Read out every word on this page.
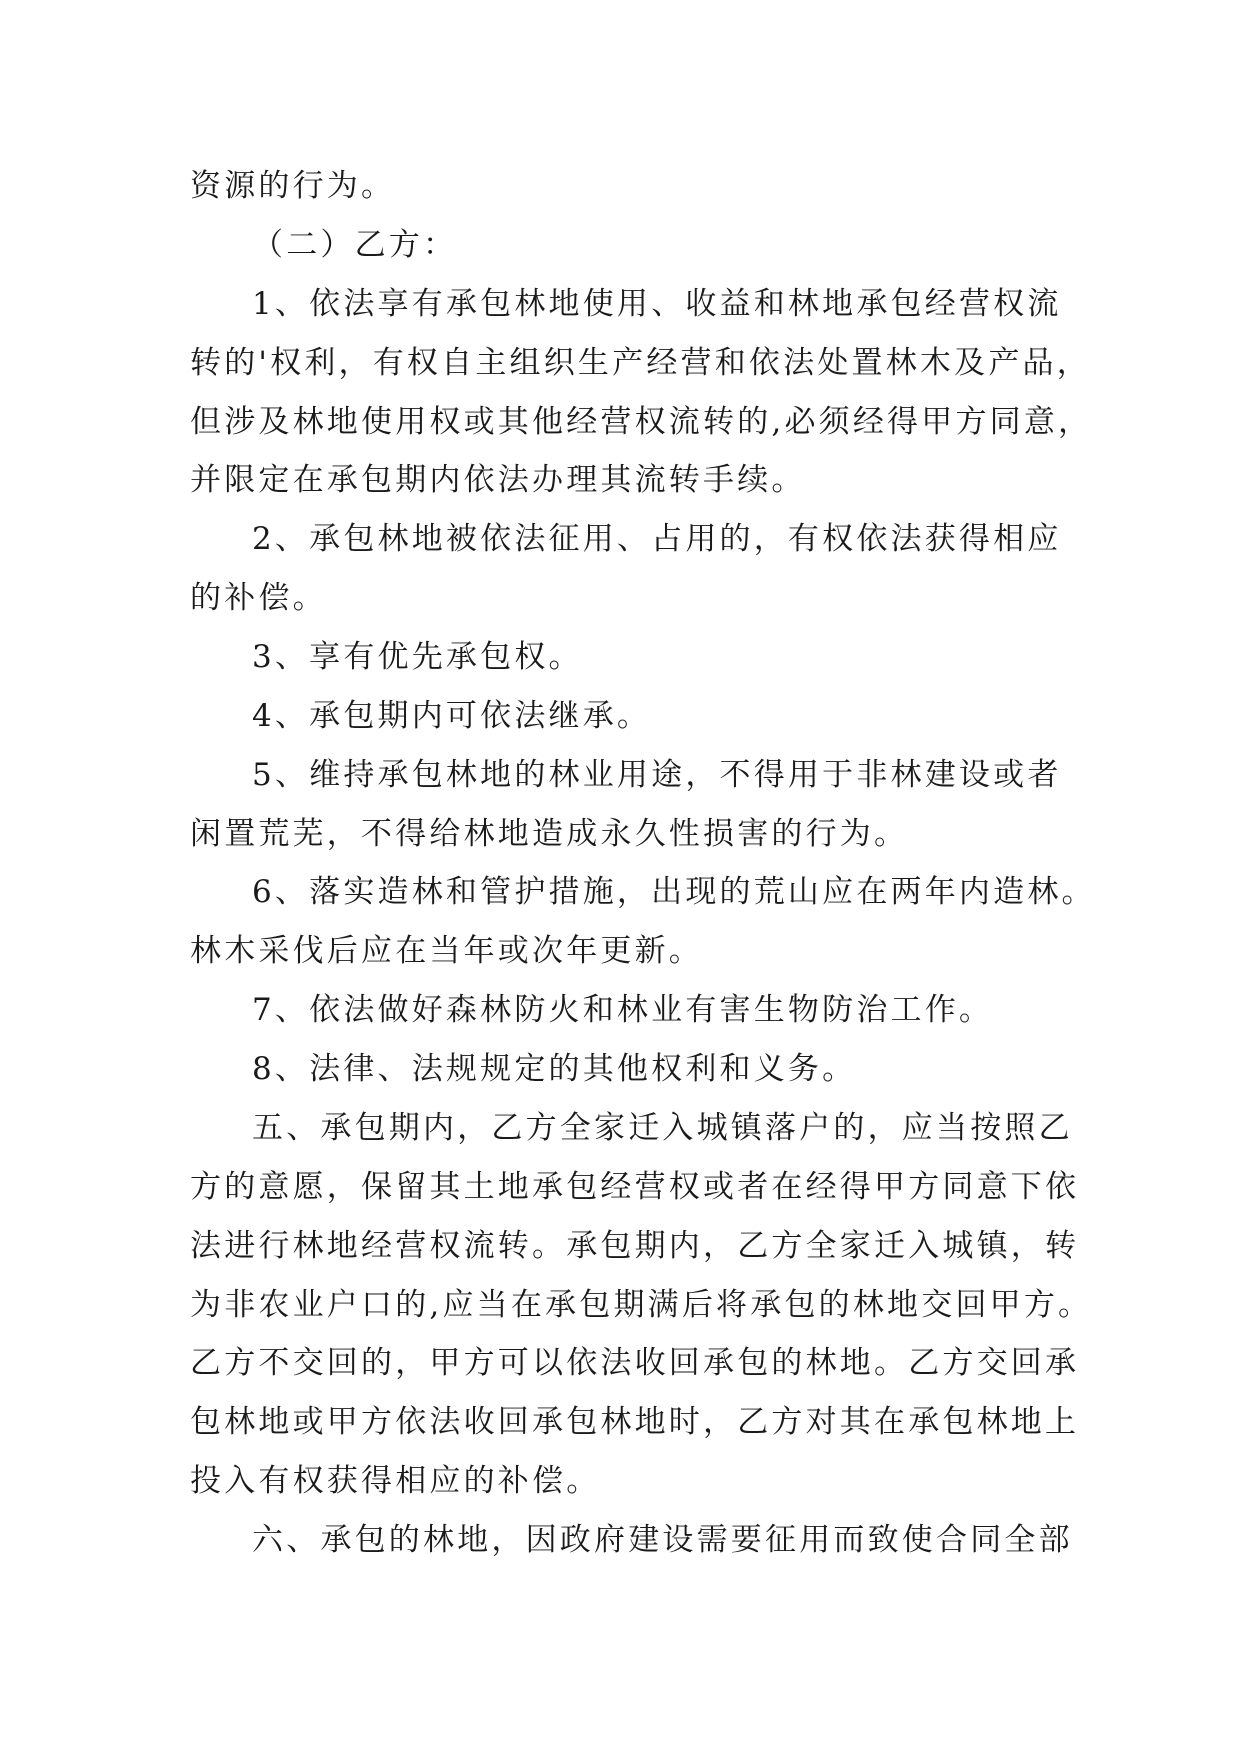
资源的行为。
（二）乙方：
1、依法享有承包林地使用、收益和林地承包经营权流
转的'权利，有权自主组织生产经营和依法处置林木及产品，
但涉及林地使用权或其他经营权流转的,必须经得甲方同意，
并限定在承包期内依法办理其流转手续。
2、承包林地被依法征用、占用的，有权依法获得相应
的补偿。
3、享有优先承包权。
4、承包期内可依法继承。
5、维持承包林地的林业用途，不得用于非林建设或者
闲置荒芜，不得给林地造成永久性损害的行为。
6、落实造林和管护措施，出现的荒山应在两年内造林。
林木采伐后应在当年或次年更新。
7、依法做好森林防火和林业有害生物防治工作。
8、法律、法规规定的其他权利和义务。
五、承包期内，乙方全家迁入城镇落户的，应当按照乙
方的意愿，保留其土地承包经营权或者在经得甲方同意下依
法进行林地经营权流转。承包期内，乙方全家迁入城镇，转
为非农业户口的,应当在承包期满后将承包的林地交回甲方。
乙方不交回的，甲方可以依法收回承包的林地。乙方交回承
包林地或甲方依法收回承包林地时，乙方对其在承包林地上
投入有权获得相应的补偿。
六、承包的林地，因政府建设需要征用而致使合同全部
